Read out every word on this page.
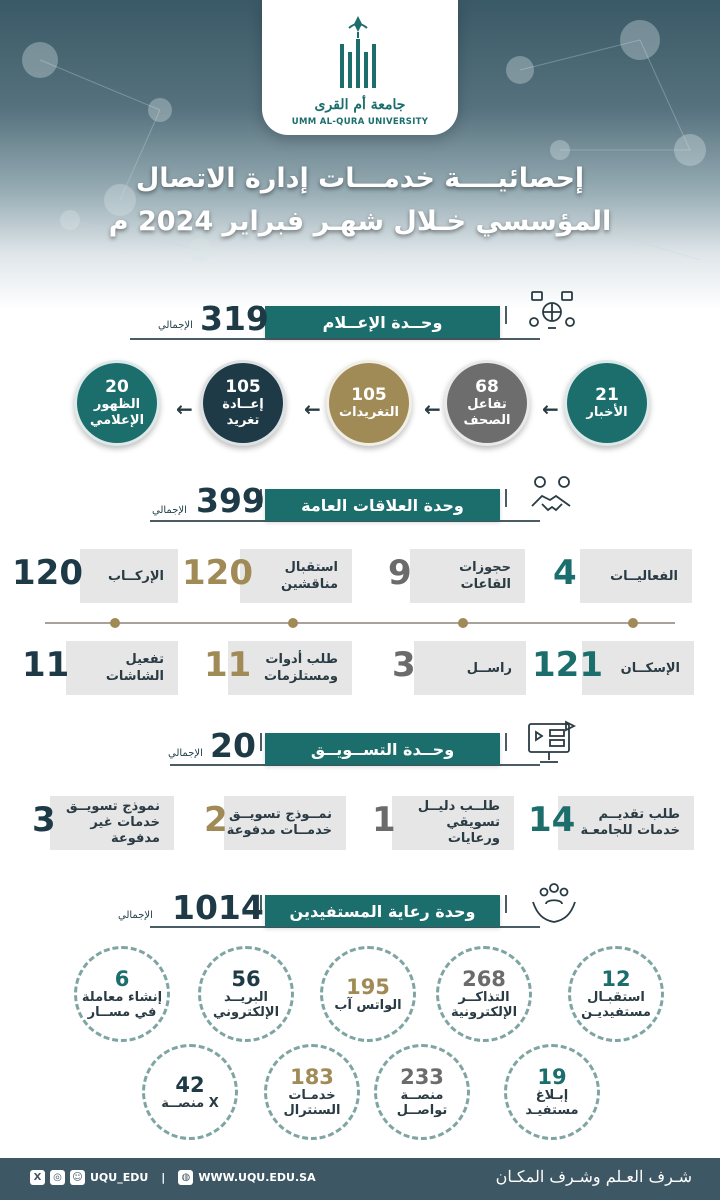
جامعة أم القرى
UMM AL-QURA UNIVERSITY
إحصائيــــة خدمـــات إدارة الاتصال
المؤسسي خـلال شهـر فبراير 2024 م
وحــدة الإعــلام
319
الإجمالي
21
الأخبار
←
68
تفاعل
الصحف
←
105
التغريدات
←
105
إعــادة
تغريد
←
20
الظهور
الإعلامي
وحدة العلاقات العامة
399
الإجمالي
الفعاليــات
4
حجوزات القاعات
9
استقبال مناقشين
120
الإركــاب
120
الإسكــان
121
راســل
3
طلب أدوات
ومستلزمات
11
تفعيل الشاشات
11
وحــدة التســويــق
20
الإجمالي
طلب تقديــم
خدمات للجامعـة
14
طلــب دليــل
تسويقي ورعايات
1
نمــوذج تسويــق
خدمــات مدفوعة
2
نموذج تسويــق
خدمات غير مدفوعة
3
وحدة رعاية المستفيدين
1014
الإجمالي
12
استقبـال
مستفيديـن
268
التذاكــر
الإلكترونية
195
الواتس آب
56
البريــد
الإلكتروني
6
إنشاء معاملة
في مســار
19
إبـلاغ
مستفيـد
233
منصــة
تواصــل
183
خدمـات
السنترال
42
منصــة X
X	◎	☺ UQU_EDU |	◍ WWW.UQU.EDU.SA	شـرف العـلم وشـرف المكـان
